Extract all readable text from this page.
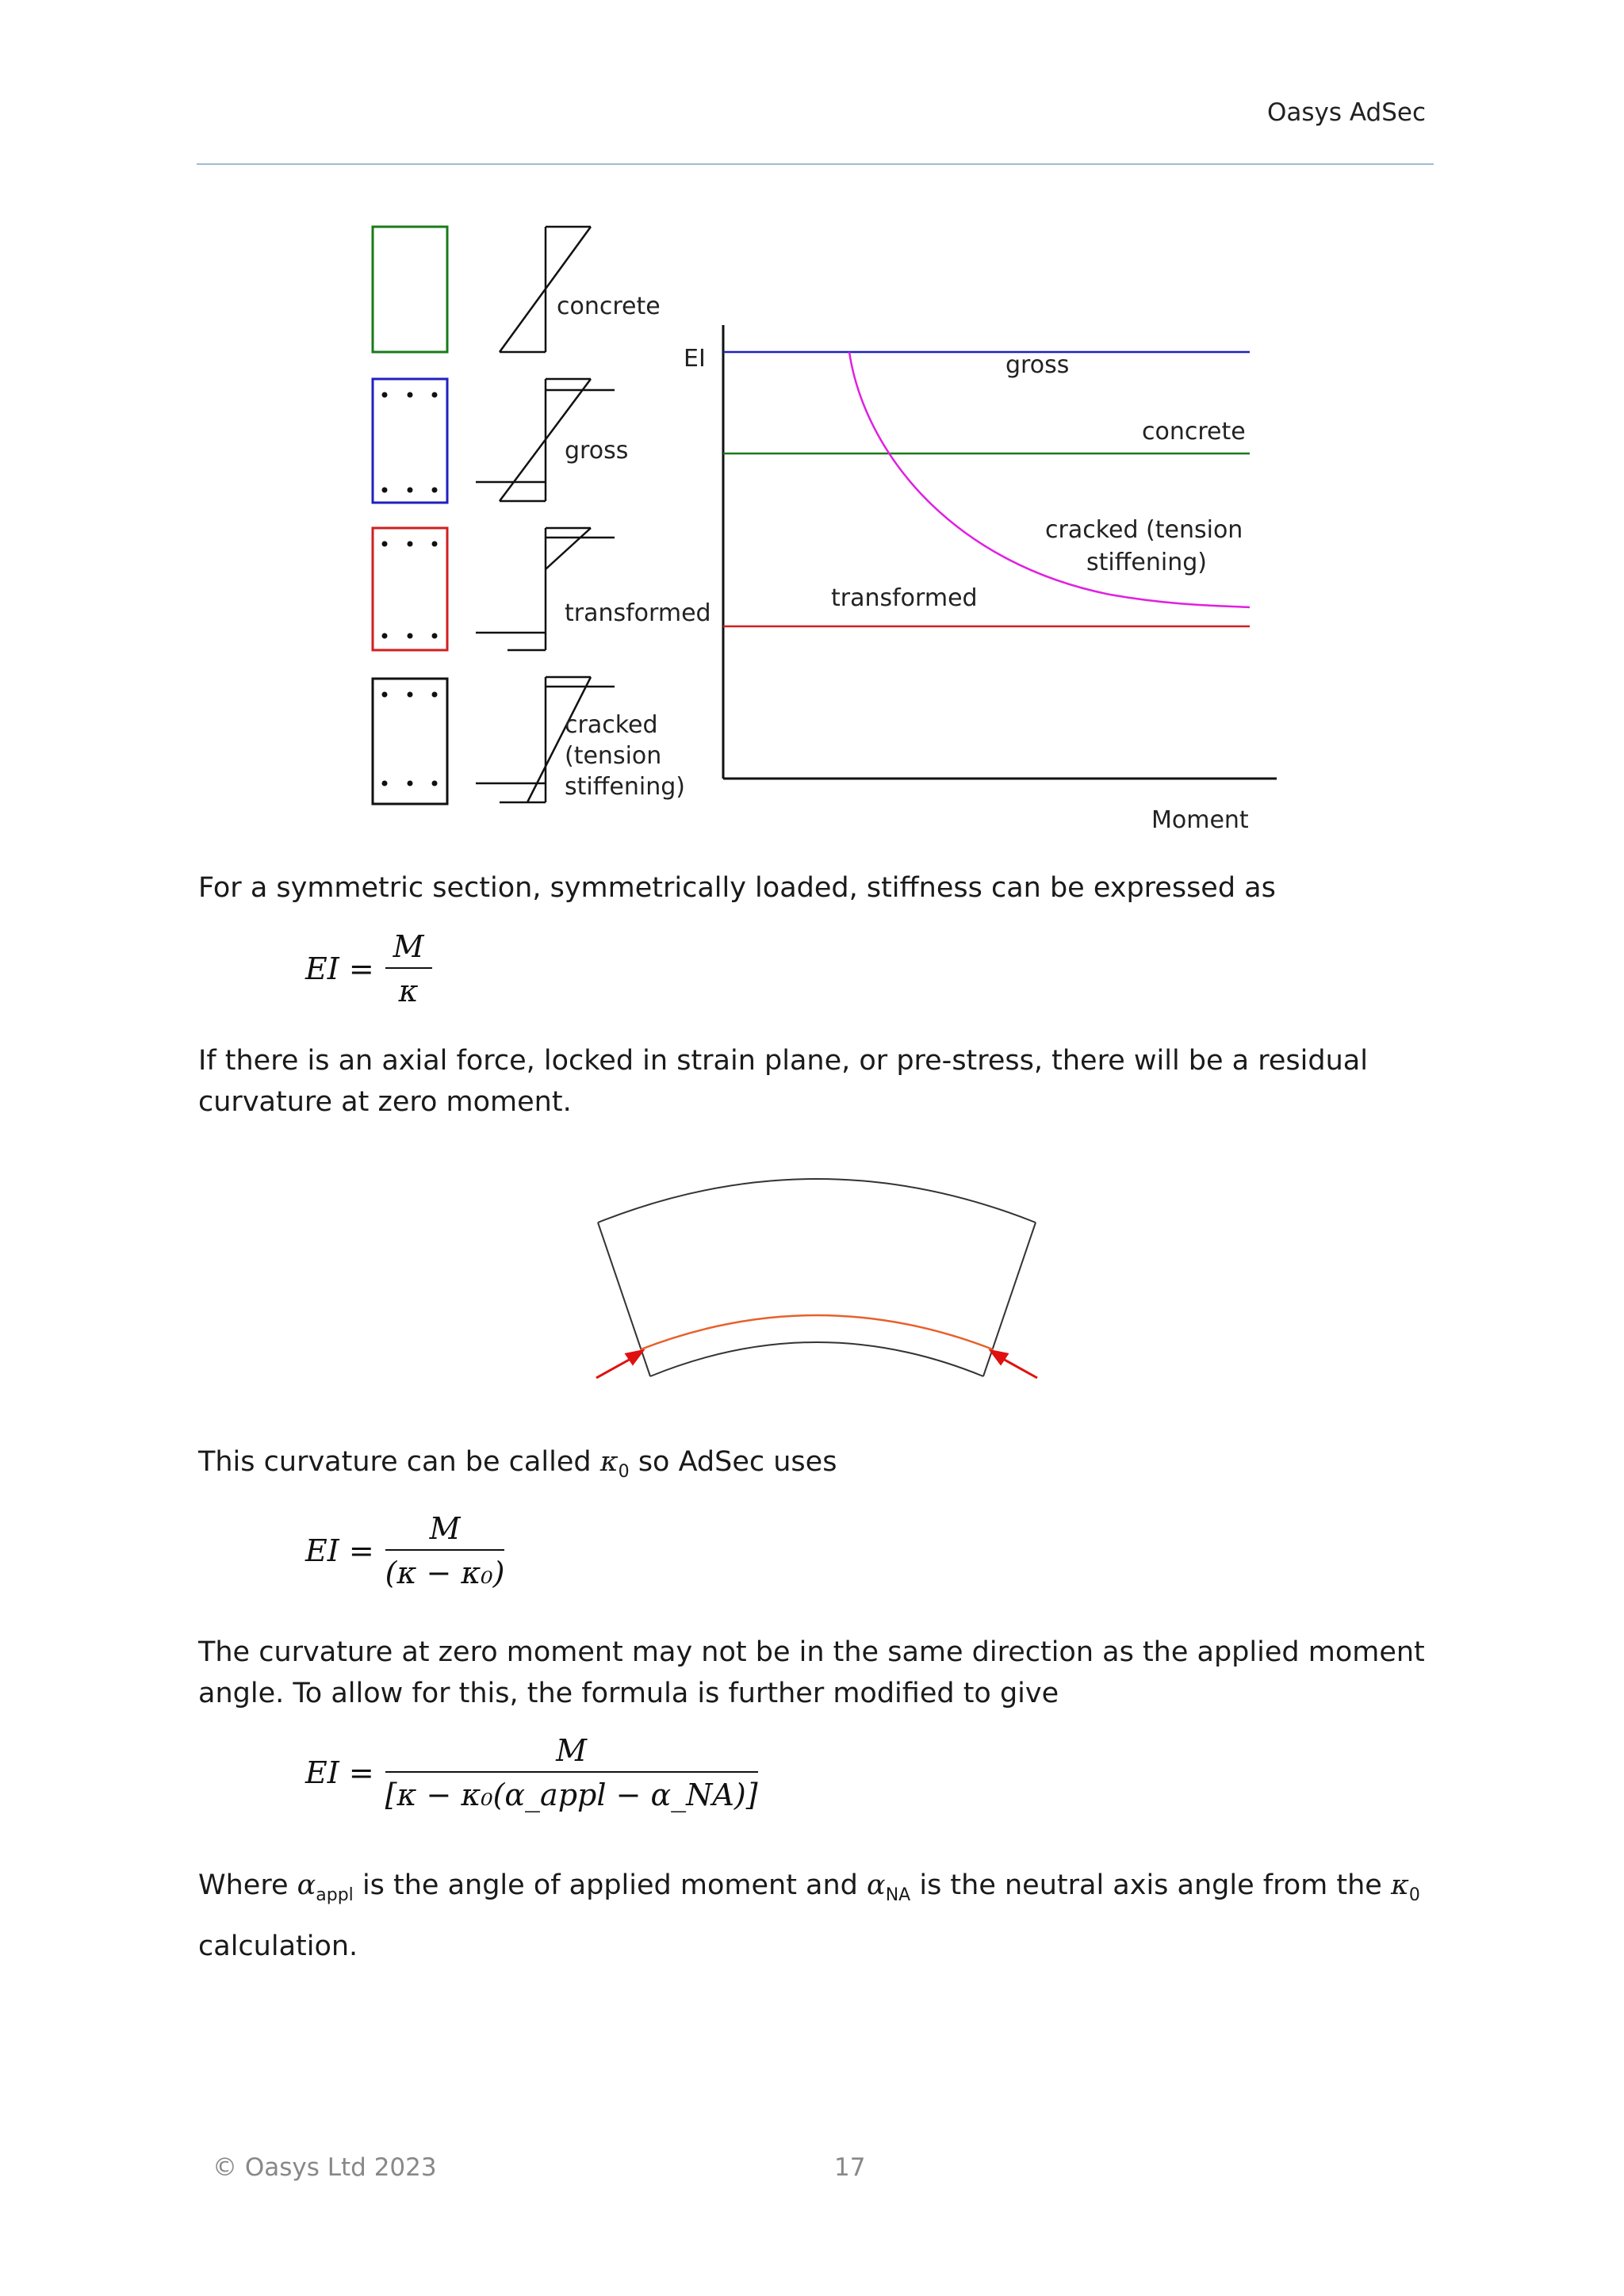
Oasys AdSec
concrete
gross
transformed
cracked
(tension
stiffening)
EI
Moment
gross
concrete
cracked (tension
stiffening)
transformed

For a symmetric section, symmetrically loaded, stiffness can be expressed as

EI = $\frac{M}{\kappa}$

If there is an axial force, locked in strain plane, or pre-stress, there will be a residual curvature at zero moment.

This curvature can be called $\kappa_0$ so AdSec uses

EI = $\frac{M}{\text{(κ − κ₀)}}$

The curvature at zero moment may not be in the same direction as the applied moment angle. To allow for this, the formula is further modified to give

EI = $\frac{M}{\text{[κ − κ₀(α\_appl − α\_NA)]}}$

Where $\alpha_{appl}$ is the angle of applied moment and $\alpha_{NA}$ is the neutral axis angle from the $\kappa_0$
calculation.

© Oasys Ltd 2023	17
